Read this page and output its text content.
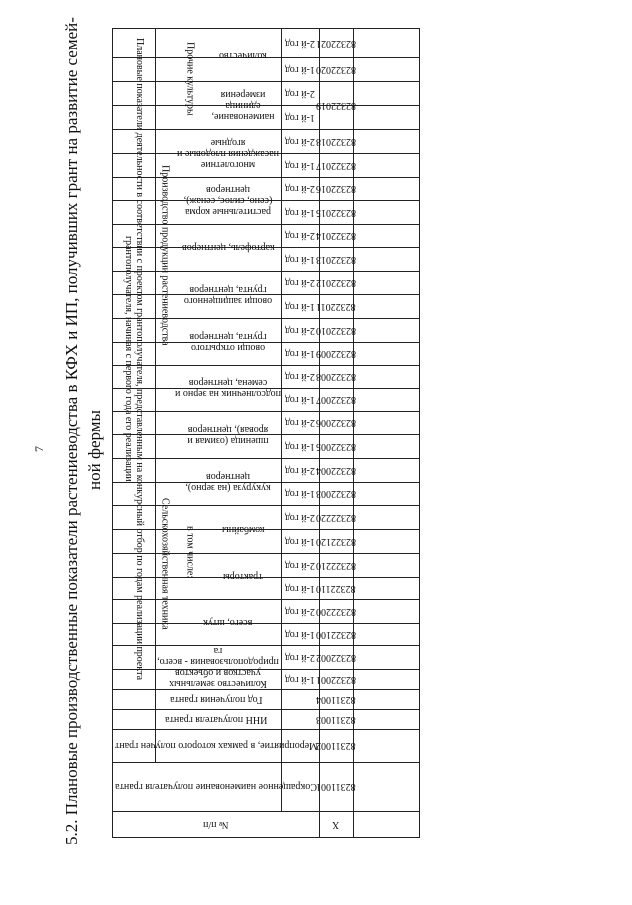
7 5.2. Плановые производственные показатели растениеводства в КФХ и ИП, получивших грант на развитие семей- ной фермы
№ п/п
Сокращенное наименование получателя гранта
Мероприятие, в рамках которого получен грант
ИНН получателя гранта
Год получения гранта
Плановые показатели деятельности в соответствии с проектом грантополучателя, представленным на конкурсный отбор по годам реализации проекта грантополучателя, начиная с первого года его реализации
Количество земельных участков и объектов природопользования - всего, га
Сельскохозяйственная техника	всего, штук
тракторы
комбайны
в том числе:
Производство продукции растениеводства
кукуруза (на зерно), центнеров
пшеница (озимая и яровая), центнеров
подсолнечник на зерно и семена, центнеров
овощи открытого грунта, центнеров
овощи защищенного грунта, центнеров
картофель, центнеров
растительные корма (сено, силос, сенаж), центнеров
многолетние насаждения плодовые и ягодные
Прочие культуры
наименование, единица измерения
количество
1-й год
2-й год
1-й год
2-й год
1-й год
2-й год
1-й год
2-й год
1-й год
2-й год
1-й год
2-й год
1-й год
2-й год
1-й год
2-й год
1-й год
2-й год
1-й год
2-й год
1-й год
2-й год
1-й год
2-й год
1-й год
2-й год
1-й год
2-й год
X
82311001
82311002
82311003
82311004
82322001
82322002
82322100
82322200
82322110
82322210
82322120
82322220
82322003
82322004
82322005
82322006
82322007
82322008
82322009
82322010
82322011
82322012
82322013
82322014
82322015
82322016
82322017
82322018
82322019
82322020
82322021
